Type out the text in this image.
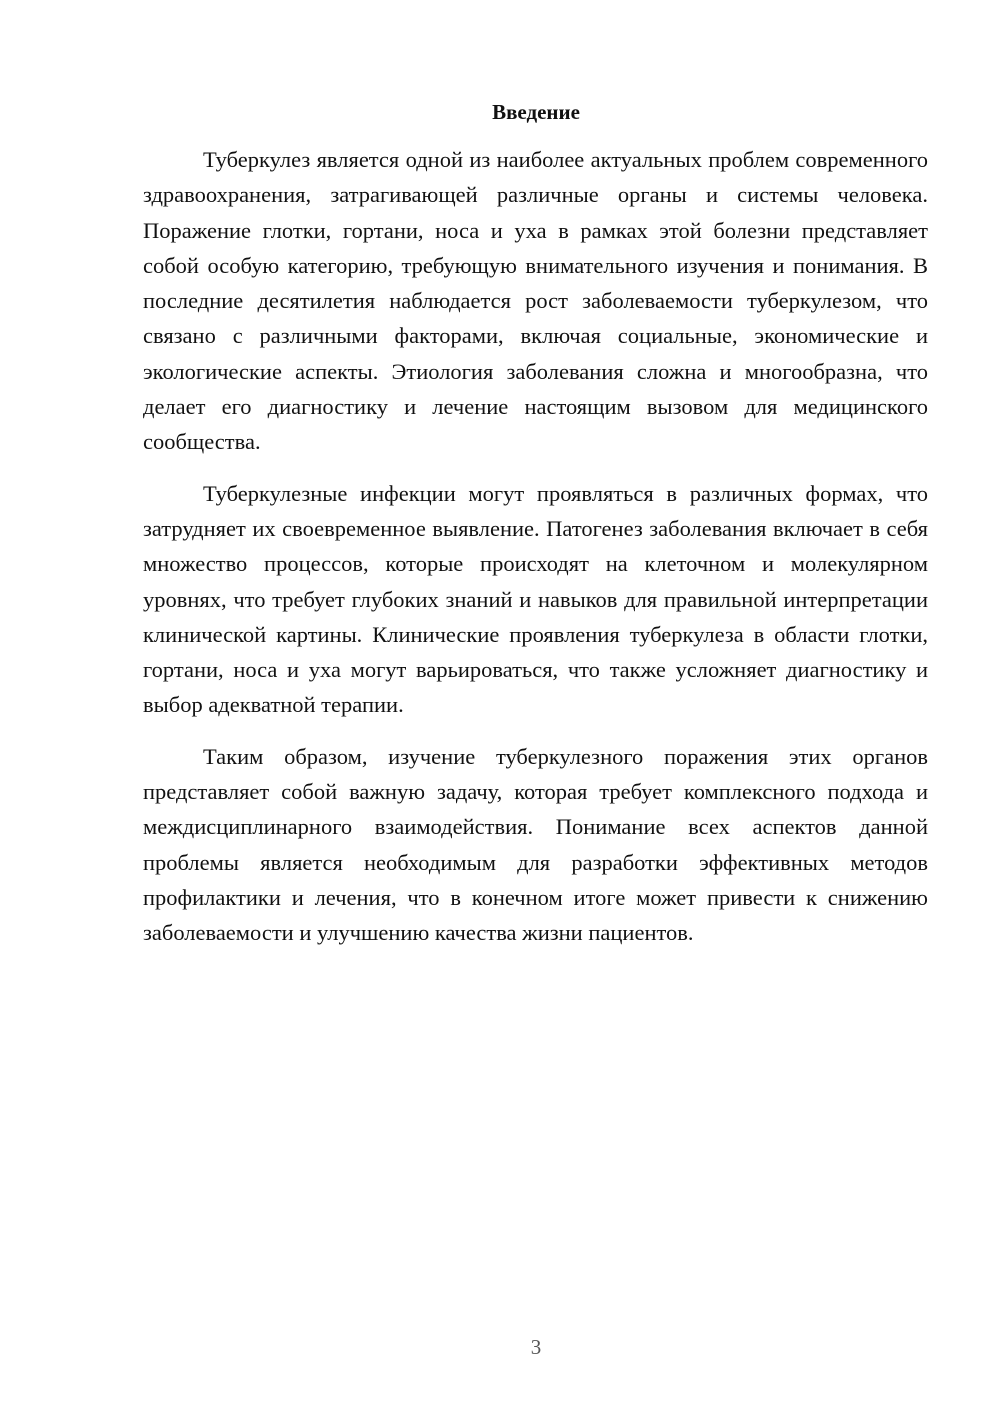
Введение

Туберкулез является одной из наиболее актуальных проблем современного здравоохранения, затрагивающей различные органы и системы человека. Поражение глотки, гортани, носа и уха в рамках этой болезни представляет собой особую категорию, требующую внимательного изучения и понимания. В последние десятилетия наблюдается рост заболеваемости туберкулезом, что связано с различными факторами, включая социальные, экономические и экологические аспекты. Этиология заболевания сложна и многообразна, что делает его диагностику и лечение настоящим вызовом для медицинского сообщества.

Туберкулезные инфекции могут проявляться в различных формах, что затрудняет их своевременное выявление. Патогенез заболевания включает в себя множество процессов, которые происходят на клеточном и молекулярном уровнях, что требует глубоких знаний и навыков для правильной интерпретации клинической картины. Клинические проявления туберкулеза в области глотки, гортани, носа и уха могут варьироваться, что также усложняет диагностику и выбор адекватной терапии.

Таким образом, изучение туберкулезного поражения этих органов представляет собой важную задачу, которая требует комплексного подхода и междисциплинарного взаимодействия. Понимание всех аспектов данной проблемы является необходимым для разработки эффективных методов профилактики и лечения, что в конечном итоге может привести к снижению заболеваемости и улучшению качества жизни пациентов.

3
